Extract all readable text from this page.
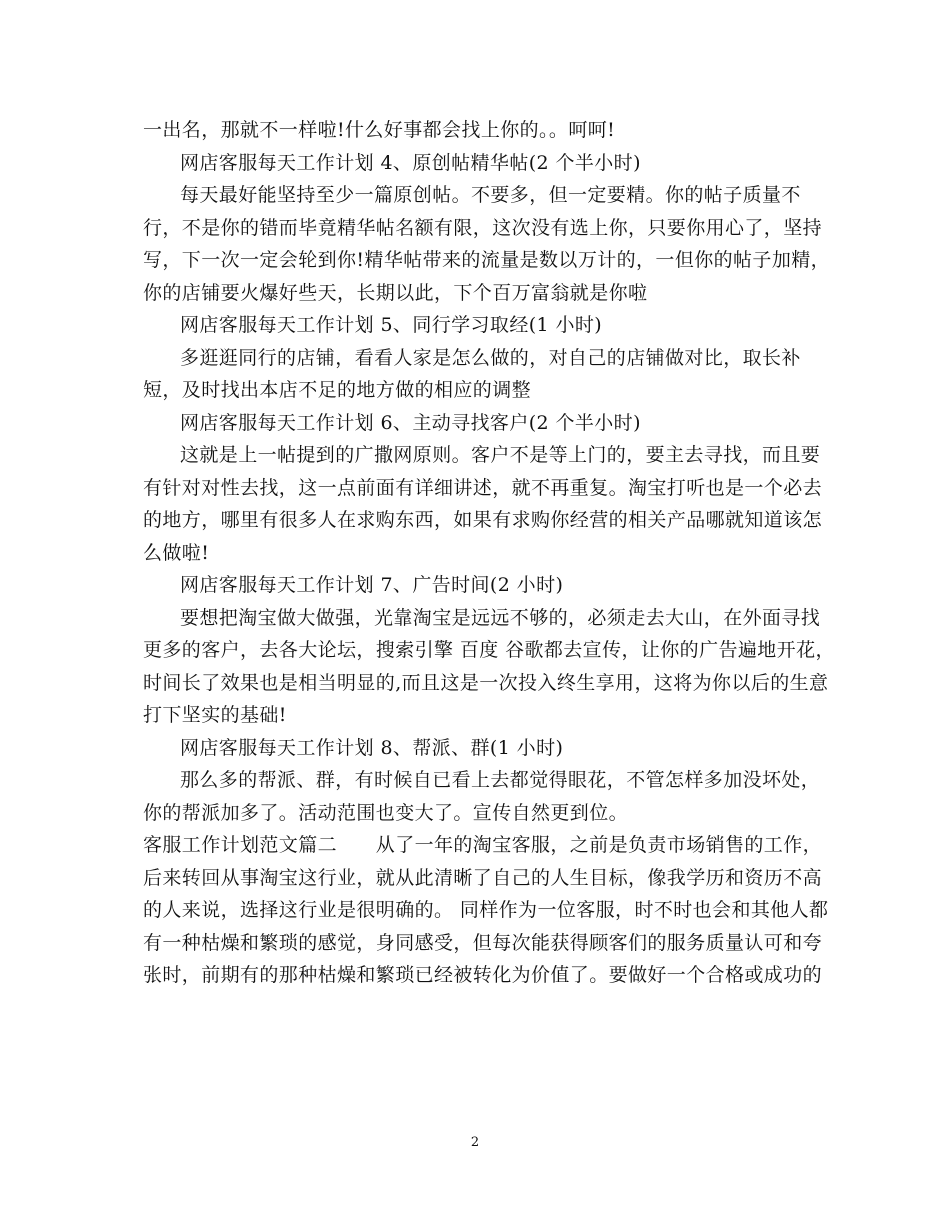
一出名，那就不一样啦!什么好事都会找上你的。。呵呵!
网店客服每天工作计划 4、原创帖精华帖(2 个半小时)
每天最好能坚持至少一篇原创帖。不要多，但一定要精。你的帖子质量不
行，不是你的错而毕竟精华帖名额有限，这次没有选上你，只要你用心了，坚持
写，下一次一定会轮到你!精华帖带来的流量是数以万计的，一但你的帖子加精，
你的店铺要火爆好些天，长期以此，下个百万富翁就是你啦
网店客服每天工作计划 5、同行学习取经(1 小时)
多逛逛同行的店铺，看看人家是怎么做的，对自己的店铺做对比，取长补
短，及时找出本店不足的地方做的相应的调整
网店客服每天工作计划 6、主动寻找客户(2 个半小时)
这就是上一帖提到的广撒网原则。客户不是等上门的，要主去寻找，而且要
有针对对性去找，这一点前面有详细讲述，就不再重复。淘宝打听也是一个必去
的地方，哪里有很多人在求购东西，如果有求购你经营的相关产品哪就知道该怎
么做啦!
网店客服每天工作计划 7、广告时间(2 小时)
要想把淘宝做大做强，光靠淘宝是远远不够的，必须走去大山，在外面寻找
更多的客户，去各大论坛，搜索引擎 百度 谷歌都去宣传，让你的广告遍地开花，
时间长了效果也是相当明显的,而且这是一次投入终生享用，这将为你以后的生意
打下坚实的基础!
网店客服每天工作计划 8、帮派、群(1 小时)
那么多的帮派、群，有时候自已看上去都觉得眼花，不管怎样多加没坏处，
你的帮派加多了。活动范围也变大了。宣传自然更到位。
客服工作计划范文篇二　　从了一年的淘宝客服，之前是负责市场销售的工作，
后来转回从事淘宝这行业，就从此清晰了自己的人生目标，像我学历和资历不高
的人来说，选择这行业是很明确的。 同样作为一位客服，时不时也会和其他人都
有一种枯燥和繁琐的感觉，身同感受，但每次能获得顾客们的服务质量认可和夸
张时，前期有的那种枯燥和繁琐已经被转化为价值了。要做好一个合格或成功的
2
